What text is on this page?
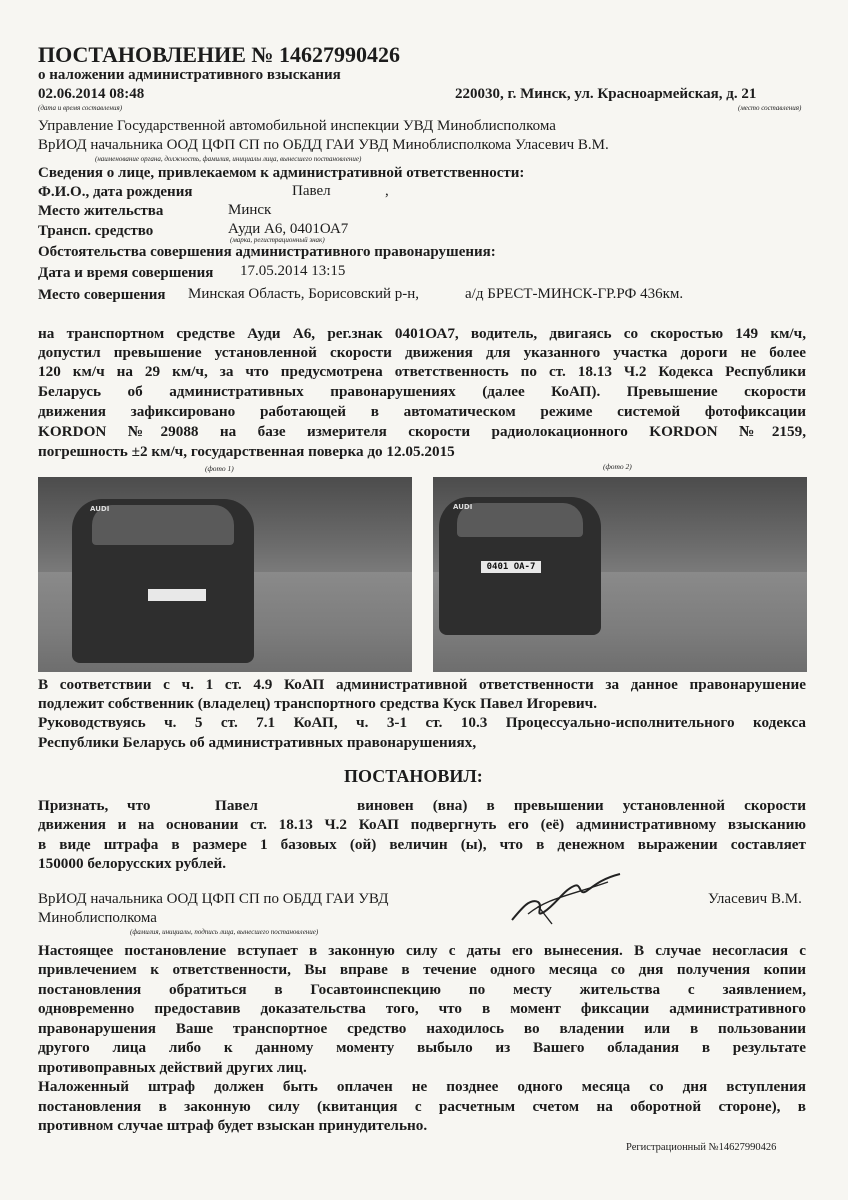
ПОСТАНОВЛЕНИЕ № 14627990426
о наложении административного взыскания
02.06.2014 08:48
(дата и время составления)
220030, г. Минск, ул. Красноармейская, д. 21
(место составления)
Управление Государственной автомобильной инспекции УВД Миноблисполкома
ВрИОД начальника ООД ЦФП СП по ОБДД ГАИ УВД Миноблисполкома Уласевич В.М.
(наименование органа, должность, фамилия, инициалы лица, вынесшего постановление)
Сведения о лице, привлекаемом к административной ответственности:
Ф.И.О., дата рождения	Павел	,
Место жительства	Минск
Трансп. средство	Ауди А6, 0401ОА7
(марка, регистрационный знак)
Обстоятельства совершения административного правонарушения:
Дата и время совершения 17.05.2014 13:15
Место совершения Минская Область, Борисовский р-н,	а/д БРЕСТ-МИНСК-ГР.РФ 436км.
на транспортном средстве Ауди А6, рег.знак 0401ОА7, водитель, двигаясь со скоростью 149 км/ч,
допустил превышение установленной скорости движения для указанного участка дороги не более
120 км/ч на 29 км/ч, за что предусмотрена ответственность по ст. 18.13 Ч.2 Кодекса Республики
Беларусь об административных правонарушениях (далее КоАП). Превышение скорости
движения зафиксировано работающей в автоматическом режиме системой фотофиксации
KORDON №29088 на базе измерителя скорости радиолокационного KORDON №2159,
погрешность ±2 км/ч, государственная поверка до 12.05.2015
(фото 1)	(фото 2)
AUDI	AUDI
0401 OA-7
В соответствии с ч. 1 ст. 4.9 КоАП административной ответственности за данное правонарушение
подлежит собственник (владелец) транспортного средства Куск Павел Игоревич.
Руководствуясь ч. 5 ст. 7.1 КоАП, ч. 3-1 ст. 10.3 Процессуально-исполнительного кодекса
Республики Беларусь об административных правонарушениях,
ПОСТАНОВИЛ:
Признать, что	Павел	виновен (вна) в превышении установленной скорости
движения и на основании ст. 18.13 Ч.2 КоАП подвергнуть его (её) административному взысканию
в виде штрафа в размере 1 базовых (ой) величин (ы), что в денежном выражении составляет
150000 белорусских рублей.
ВрИОД начальника ООД ЦФП СП по ОБДД ГАИ УВД
Миноблисполкома
Уласевич В.М.
(фамилия, инициалы, подпись лица, вынесшего постановление)
Настоящее постановление вступает в законную силу с даты его вынесения. В случае несогласия с
привлечением к ответственности, Вы вправе в течение одного месяца со дня получения копии
постановления обратиться в Госавтоинспекцию по месту жительства с заявлением,
одновременно предоставив доказательства того, что в момент фиксации административного
правонарушения Ваше транспортное средство находилось во владении или в пользовании
другого лица либо к данному моменту выбыло из Вашего обладания в результате
противоправных действий других лиц.
Наложенный штраф должен быть оплачен не позднее одного месяца со дня вступления
постановления в законную силу (квитанция с расчетным счетом на оборотной стороне), в
противном случае штраф будет взыскан принудительно.
Регистрационный №14627990426
